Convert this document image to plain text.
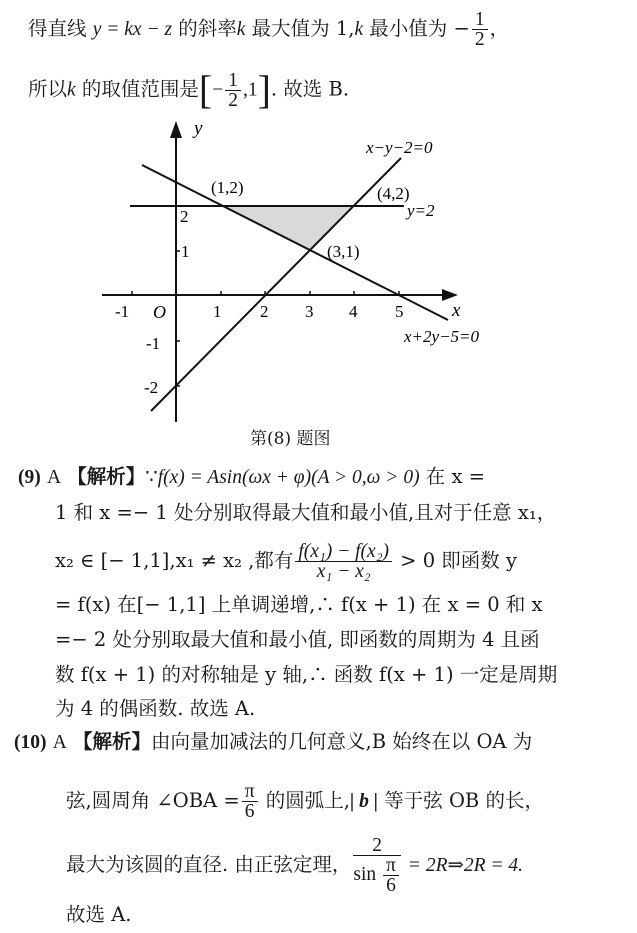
得直线 y = kx − z 的斜率k 最大值为 1,k 最小值为 − $\frac{1}{2}$ ，
所以k 的取值范围是[− $\frac{1}{2} ,1$]. 故选 B.
y
x
O
-1	1 2 3 4 5
2
1
-1
-2
(1,2)	(4,2)
(3,1)
x−y−2=0
y=2
x+2y−5=0
第(8) 题图
(9) A 【解析】∵f(x) = Asin(ωx + φ)(A > 0,ω > 0) 在 x =
1 和 x =− 1 处分别取得最大值和最小值,且对于任意 x₁，
x₂ ∈ [− 1,1],x₁ ≠ x₂ ,都有 $\frac{\text{f(x₁) − f(x₂)}}{\text{x₁ − x₂}} > 0$ 即函数 y
= f(x) 在[− 1,1] 上单调递增,∴ f(x + 1) 在 x = 0 和 x
=− 2 处分别取最大值和最小值, 即函数的周期为 4 且函
数 f(x + 1) 的对称轴是 y 轴,∴ 函数 f(x + 1) 一定是周期
为 4 的偶函数. 故选 A.
(10) A 【解析】由向量加减法的几何意义,B 始终在以 OA 为
弦,圆周角 ∠OBA = $\frac{\pi}{6}$ 的圆弧上,| b | 等于弦 OB 的长，
最大为该圆的直径. 由正弦定理， $\frac{2}{\sin \frac{\pi}{6}}$ = 2R⇒2R = 4.
故选 A.
